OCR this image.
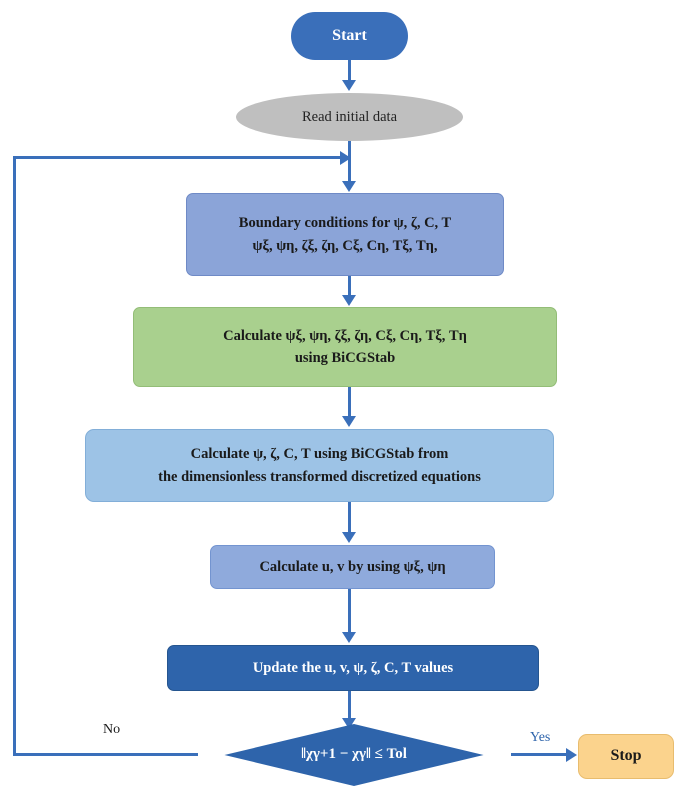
Start
Read initial data
Boundary conditions for ψ, ζ, C, T
ψξ, ψη, ζξ, ζη, Cξ, Cη, Tξ, Tη,
Calculate ψξ, ψη, ζξ, ζη, Cξ, Cη, Tξ, Tη
using BiCGStab
Calculate ψ, ζ, C, T using BiCGStab from
the dimensionless transformed discretized equations
Calculate u, v by using ψξ, ψη
Update the u, v, ψ, ζ, C, T values
‖χγ+1 − χγ‖ ≤ Tol	Stop
No
Yes
